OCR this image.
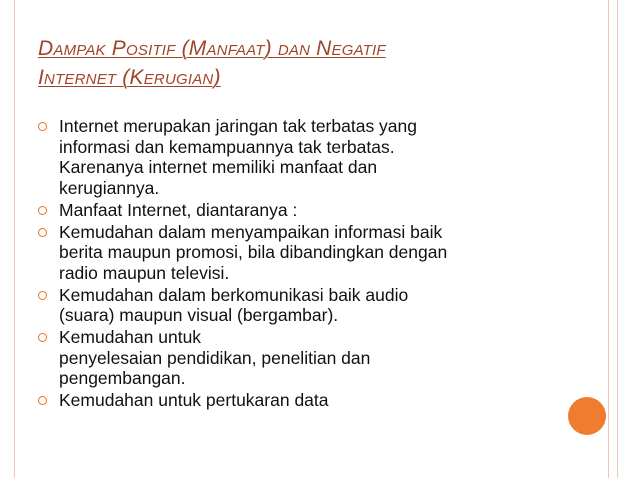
Dampak Positif (Manfaat) dan Negatif
Internet (Kerugian)
Internet merupakan jaringan tak terbatas yang
informasi dan kemampuannya tak terbatas.
Karenanya internet memiliki manfaat dan
kerugiannya.
Manfaat Internet, diantaranya :
Kemudahan dalam menyampaikan informasi baik
berita maupun promosi, bila dibandingkan dengan
radio maupun televisi.
Kemudahan dalam berkomunikasi baik audio
(suara) maupun visual (bergambar).
Kemudahan untuk
penyelesaian pendidikan, penelitian dan
pengembangan.
Kemudahan untuk pertukaran data
